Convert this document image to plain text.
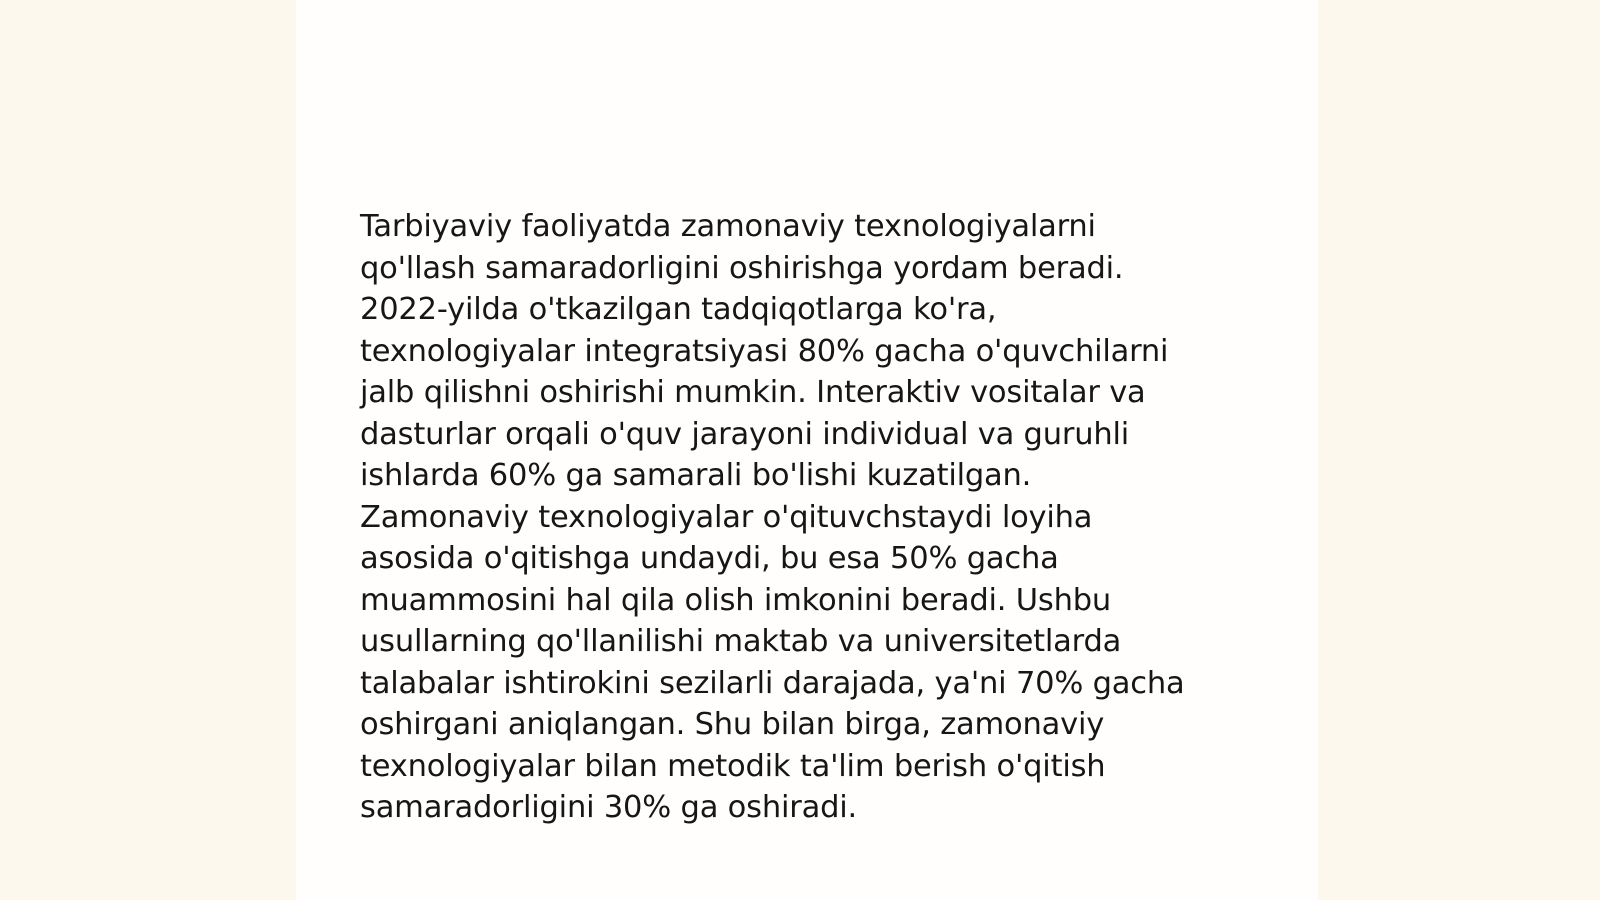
Tarbiyaviy faoliyatda zamonaviy texnologiyalarni
qo'llash samaradorligini oshirishga yordam beradi.
2022-yilda o'tkazilgan tadqiqotlarga ko'ra,
texnologiyalar integratsiyasi 80% gacha o'quvchilarni
jalb qilishni oshirishi mumkin. Interaktiv vositalar va
dasturlar orqali o'quv jarayoni individual va guruhli
ishlarda 60% ga samarali bo'lishi kuzatilgan.
Zamonaviy texnologiyalar o'qituvchstaydi loyiha
asosida o'qitishga undaydi, bu esa 50% gacha
muammosini hal qila olish imkonini beradi. Ushbu
usullarning qo'llanilishi maktab va universitetlarda
talabalar ishtirokini sezilarli darajada, ya'ni 70% gacha
oshirgani aniqlangan. Shu bilan birga, zamonaviy
texnologiyalar bilan metodik ta'lim berish o'qitish
samaradorligini 30% ga oshiradi.
